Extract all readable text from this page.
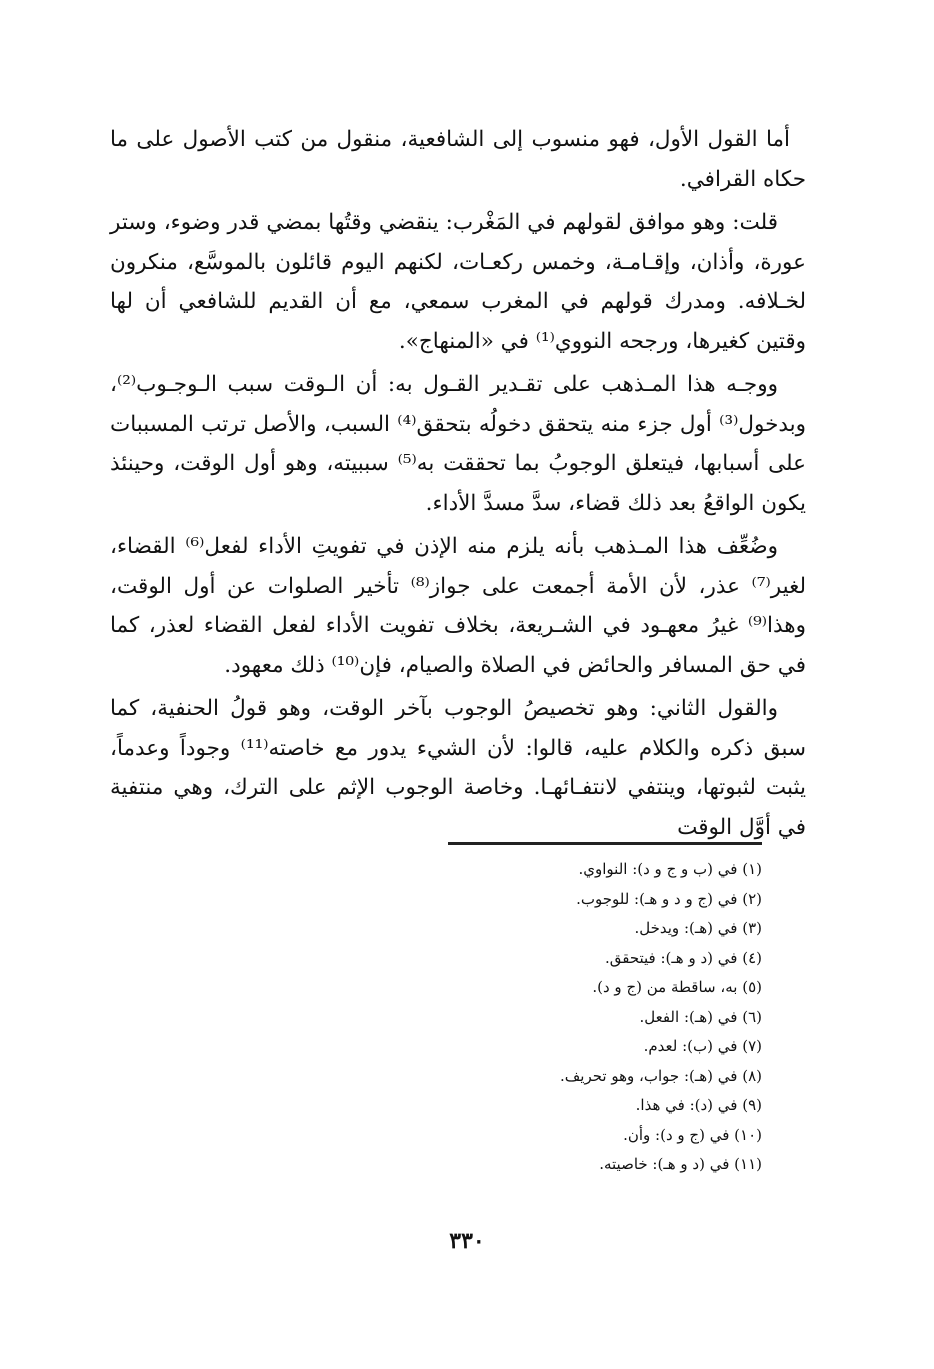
أما القول الأول، فهو منسوب إلى الشافعية، منقول من كتب الأصول على ما حكاه القرافي.

قلت: وهو موافق لقولهم في المَغْرب: ينقضي وقتُها بمضي قدر وضوء، وستر عورة، وأذان، وإقـامـة، وخمس ركعـات، لكنهم اليوم قائلون بالموسَّع، منكرون لخـلافه. ومدرك قولهم في المغرب سمعي، مع أن القديم للشافعي أن لها وقتين كغيرها، ورجحه النووي⁽¹⁾ في «المنهاج».

ووجـه هذا المـذهب على تقـدير القـول به: أن الـوقت سبب الـوجـوب⁽²⁾، وبدخول⁽³⁾ أول جزء منه يتحقق دخولُه بتحقق⁽⁴⁾ السبب، والأصل ترتب المسببات على أسبابها، فيتعلق الوجوبُ بما تحققت به⁽⁵⁾ سببيته، وهو أول الوقت، وحينئذ يكون الواقعُ بعد ذلك قضاء، سدَّ مسدَّ الأداء.

وضُعِّف هذا المـذهب بأنه يلزم منه الإذن في تفويتِ الأداء لفعل⁽⁶⁾ القضاء، لغير⁽⁷⁾ عذر، لأن الأمة أجمعت على جواز⁽⁸⁾ تأخير الصلوات عن أول الوقت، وهذا⁽⁹⁾ غيرُ معهـود في الشـريعة، بخلاف تفويت الأداء لفعل القضاء لعذر، كما في حق المسافر والحائض في الصلاة والصيام، فإن⁽¹⁰⁾ ذلك معهود.

والقول الثاني: وهو تخصيصُ الوجوب بآخر الوقت، وهو قولُ الحنفية، كما سبق ذكره والكلام عليه، قالوا: لأن الشيء يدور مع خاصته⁽¹¹⁾ وجوداً وعدماً، يثبت لثبوتها، وينتفي لانتفـائهـا. وخاصة الوجوب الإثم على الترك، وهي منتفية في أوَّل الوقت

(١) في (ب و ج و د): النواوي.
(٢) في (ج و د و هـ): للوجوب.
(٣) في (هـ): ويدخل.
(٤) في (د و هـ): فيتحقق.
(٥) به، ساقطة من (ج و د).
(٦) في (هـ): الفعل.
(٧) في (ب): لعدم.
(٨) في (هـ): جواب، وهو تحريف.
(٩) في (د): في هذا.
(١٠) في (ج و د): وأن.
(١١) في (د و هـ): خاصيته.
٣٣٠
